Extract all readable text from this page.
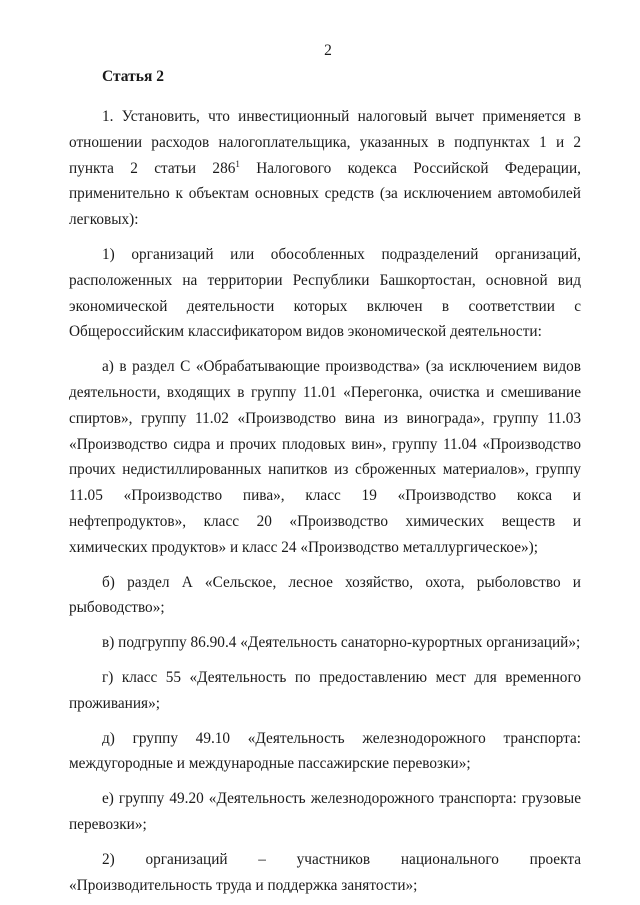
2
Статья 2

1. Установить, что инвестиционный налоговый вычет применяется в отношении расходов налогоплательщика, указанных в подпунктах 1 и 2 пункта 2 статьи $286^1$ Налогового кодекса Российской Федерации, применительно к объектам основных средств (за исключением автомобилей легковых):

1) организаций или обособленных подразделений организаций, расположенных на территории Республики Башкортостан, основной вид экономической деятельности которых включен в соответствии с Общероссийским классификатором видов экономической деятельности:

а) в раздел С «Обрабатывающие производства» (за исключением видов деятельности, входящих в группу 11.01 «Перегонка, очистка и смешивание спиртов», группу 11.02 «Производство вина из винограда», группу 11.03 «Производство сидра и прочих плодовых вин», группу 11.04 «Производство прочих недистиллированных напитков из сброженных материалов», группу 11.05 «Производство пива», класс 19 «Производство кокса и нефтепродуктов», класс 20 «Производство химических веществ и химических продуктов» и класс 24 «Производство металлургическое»);

б) раздел А «Сельское, лесное хозяйство, охота, рыболовство и рыбоводство»;

в) подгруппу 86.90.4 «Деятельность санаторно-курортных организаций»;

г) класс 55 «Деятельность по предоставлению мест для временного проживания»;

д) группу 49.10 «Деятельность железнодорожного транспорта: междугородные и международные пассажирские перевозки»;

е) группу 49.20 «Деятельность железнодорожного транспорта: грузовые перевозки»;

2) организаций – участников национального проекта «Производительность труда и поддержка занятости»;
